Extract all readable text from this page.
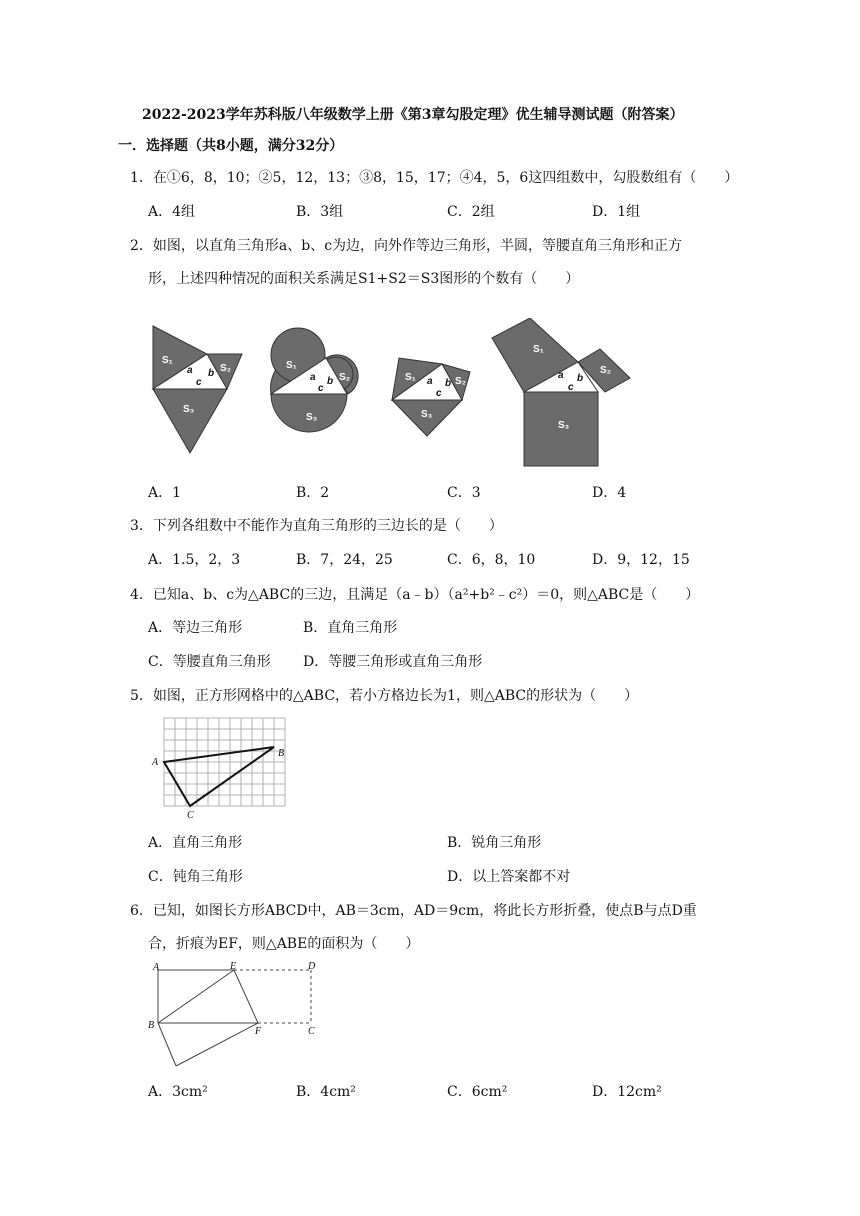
2022-2023学年苏科版八年级数学上册《第3章勾股定理》优生辅导测试题（附答案）
一．选择题（共8小题，满分32分）
1．在①6，8，10；②5，12，13；③8，15，17；④4，5，6这四组数中，勾股数组有（　　）
A．4组	B．3组	C．2组	D．1组
2．如图，以直角三角形a、b、c为边，向外作等边三角形，半圆，等腰直角三角形和正方
形，上述四种情况的面积关系满足S1+S2＝S3图形的个数有（　　）
S₁
S₂
S₃
a b
c
S₁
S₂
S₃
a b
c
S₁	S₂
S₃
a b
c
S₁
S₂
S₃
a b
c
A．1	B．2	C．3	D．4
3．下列各组数中不能作为直角三角形的三边长的是（　　）
A．1.5，2，3	B．7，24，25	C．6，8，10	D．9，12，15
4．已知a、b、c为△ABC的三边，且满足（a﹣b）（a²+b²﹣c²）＝0，则△ABC是（　　）
A．等边三角形	B．直角三角形
C．等腰直角三角形 D．等腰三角形或直角三角形
5．如图，正方形网格中的△ABC，若小方格边长为1，则△ABC的形状为（　　）
A
B
C
A．直角三角形	B．锐角三角形
C．钝角三角形	D．以上答案都不对
6．已知，如图长方形ABCD中，AB＝3cm，AD＝9cm，将此长方形折叠，使点B与点D重
合，折痕为EF，则△ABE的面积为（　　）
A	E	D
B
F	C
A．3cm²	B．4cm²	C．6cm²	D．12cm²
